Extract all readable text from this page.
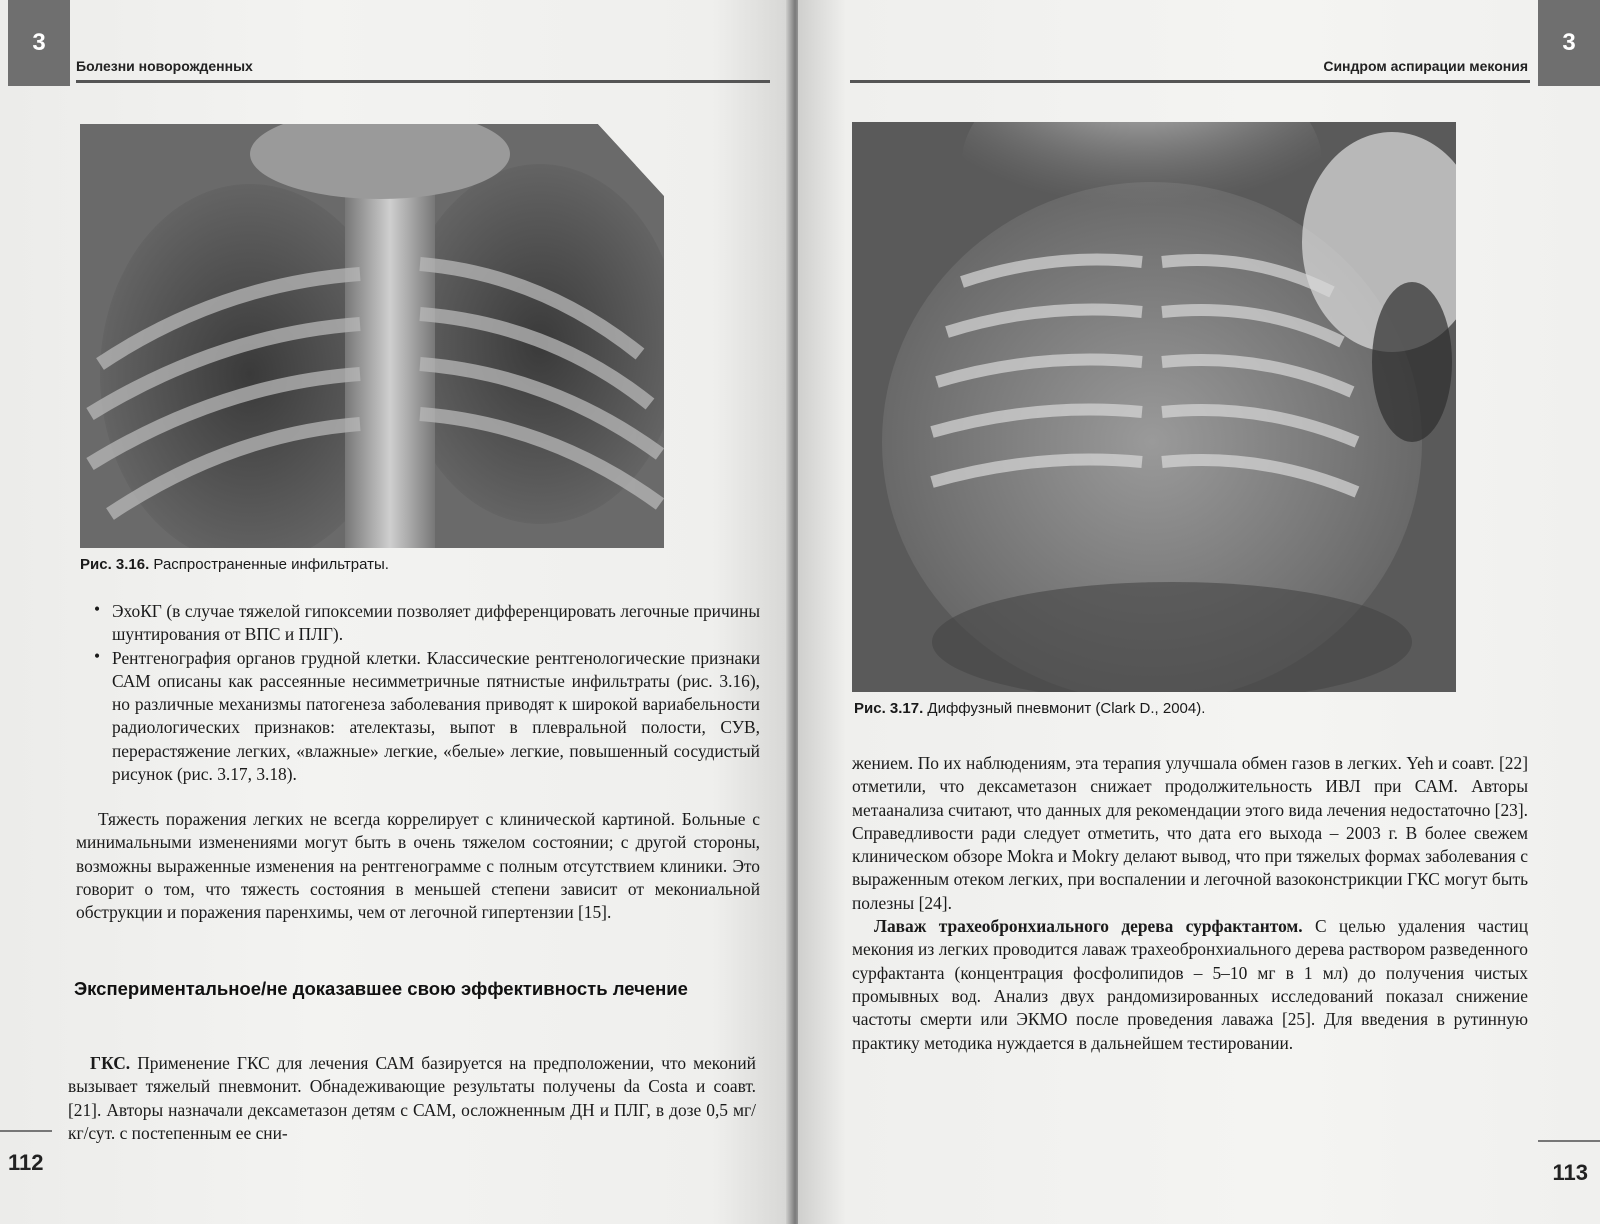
3
Болезни новорожденных
Рис. 3.16. Распространенные инфильтраты.
• ЭхоКГ (в случае тяжелой гипоксемии позволяет дифференцировать легочные причины шунтирования от ВПС и ПЛГ).
• Рентгенография органов грудной клетки. Классические рентгенологические признаки САМ описаны как рассеянные несимметричные пятнистые инфильтраты (рис. 3.16), но различные механизмы патогенеза заболевания приводят к широкой вариабельности радиологических признаков: ателектазы, выпот в плевральной полости, СУВ, перерастяжение легких, «влажные» легкие, «белые» легкие, повышенный сосудистый рисунок (рис. 3.17, 3.18).

Тяжесть поражения легких не всегда коррелирует с клинической картиной. Больные с минимальными изменениями могут быть в очень тяжелом состоянии; с другой стороны, возможны выраженные изменения на рентгенограмме с полным отсутствием клиники. Это говорит о том, что тяжесть состояния в меньшей степени зависит от мекониальной обструкции и поражения паренхимы, чем от легочной гипертензии [15].

Экспериментальное/не доказавшее свою эффективность лечение

ГКС. Применение ГКС для лечения САМ базируется на предположении, что меконий вызывает тяжелый пневмонит. Обнадеживающие результаты получены da Costa и соавт. [21]. Авторы назначали дексаметазон детям с САМ, осложненным ДН и ПЛГ, в дозе 0,5 мг/кг/сут. с постепенным ее сни-

112
Синдром аспирации мекония
3
Рис. 3.17. Диффузный пневмонит (Clark D., 2004).

жением. По их наблюдениям, эта терапия улучшала обмен газов в легких. Yeh и соавт. [22] отметили, что дексаметазон снижает продолжительность ИВЛ при САМ. Авторы метаанализа считают, что данных для рекомендации этого вида лечения недостаточно [23]. Справедливости ради следует отметить, что дата его выхода – 2003 г. В более свежем клиническом обзоре Mokra и Mokry делают вывод, что при тяжелых формах заболевания с выраженным отеком легких, при воспалении и легочной вазоконстрикции ГКС могут быть полезны [24].

Лаваж трахеобронхиального дерева сурфактантом. С целью удаления частиц мекония из легких проводится лаваж трахеобронхиального дерева раствором разведенного сурфактанта (концентрация фосфолипидов – 5–10 мг в 1 мл) до получения чистых промывных вод. Анализ двух рандомизированных исследований показал снижение частоты смерти или ЭКМО после проведения лаважа [25]. Для введения в рутинную практику методика нуждается в дальнейшем тестировании.

113
